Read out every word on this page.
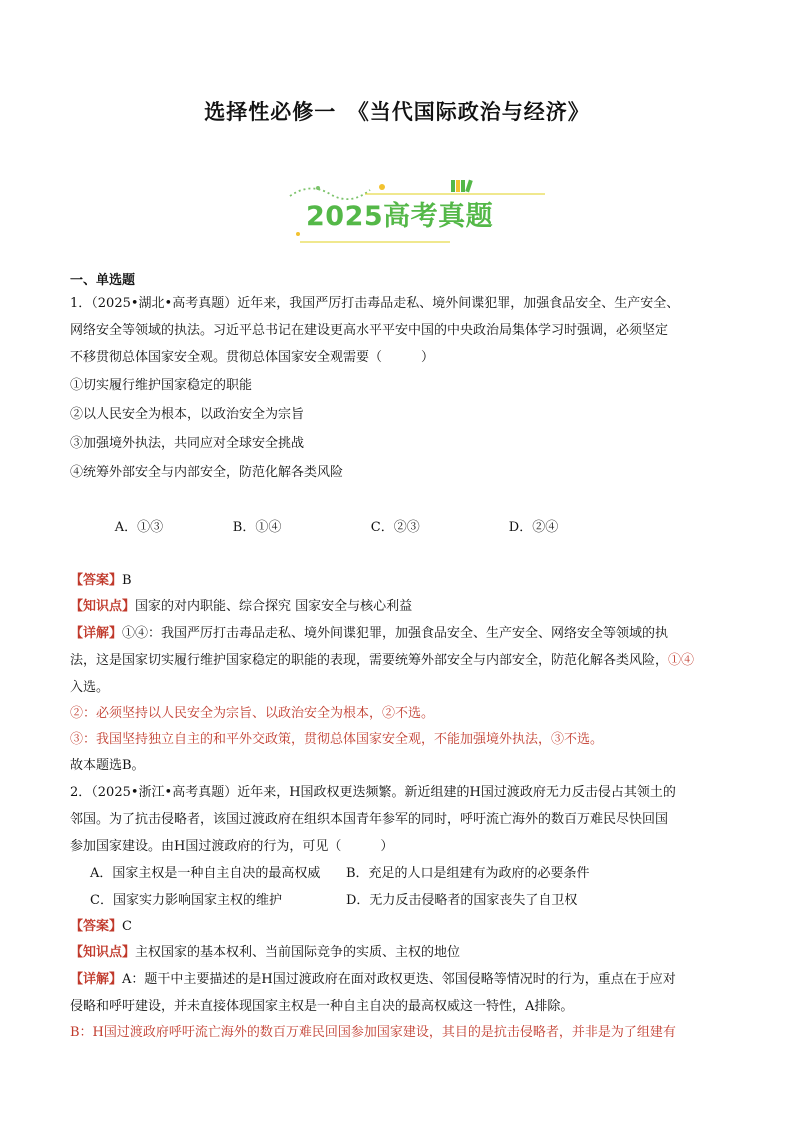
选择性必修一　《当代国际政治与经济》
2025高考真题
一、单选题

1．（2025•湖北•高考真题）近年来，我国严厉打击毒品走私、境外间谍犯罪，加强食品安全、生产安全、
网络安全等领域的执法。习近平总书记在建设更高水平平安中国的中央政治局集体学习时强调，必须坚定
不移贯彻总体国家安全观。贯彻总体国家安全观需要（　　　）

①切实履行维护国家稳定的职能
②以人民安全为根本，以政治安全为宗旨
③加强境外执法，共同应对全球安全挑战
④统筹外部安全与内部安全，防范化解各类风险

A．①③	B．①④	C．②③	D．②④

【答案】B
【知识点】国家的对内职能、综合探究 国家安全与核心利益

【详解】①④：我国严厉打击毒品走私、境外间谍犯罪，加强食品安全、生产安全、网络安全等领域的执
法，这是国家切实履行维护国家稳定的职能的表现，需要统筹外部安全与内部安全，防范化解各类风险，①④
入选。

②：必须坚持以人民安全为宗旨、以政治安全为根本，②不选。
③：我国坚持独立自主的和平外交政策，贯彻总体国家安全观，不能加强境外执法，③不选。
故本题选B。

2．（2025•浙江•高考真题）近年来，H国政权更迭频繁。新近组建的H国过渡政府无力反击侵占其领土的
邻国。为了抗击侵略者，该国过渡政府在组织本国青年参军的同时，呼吁流亡海外的数百万难民尽快回国
参加国家建设。由H国过渡政府的行为，可见（　　　）

A．国家主权是一种自主自决的最高权威 B．充足的人口是组建有为政府的必要条件
C．国家实力影响国家主权的维护	D．无力反击侵略者的国家丧失了自卫权
【答案】C
【知识点】主权国家的基本权利、当前国际竞争的实质、主权的地位

【详解】A：题干中主要描述的是H国过渡政府在面对政权更迭、邻国侵略等情况时的行为，重点在于应对
侵略和呼吁建设，并未直接体现国家主权是一种自主自决的最高权威这一特性，A排除。

B：H国过渡政府呼吁流亡海外的数百万难民回国参加国家建设，其目的是抗击侵略者，并非是为了组建有
